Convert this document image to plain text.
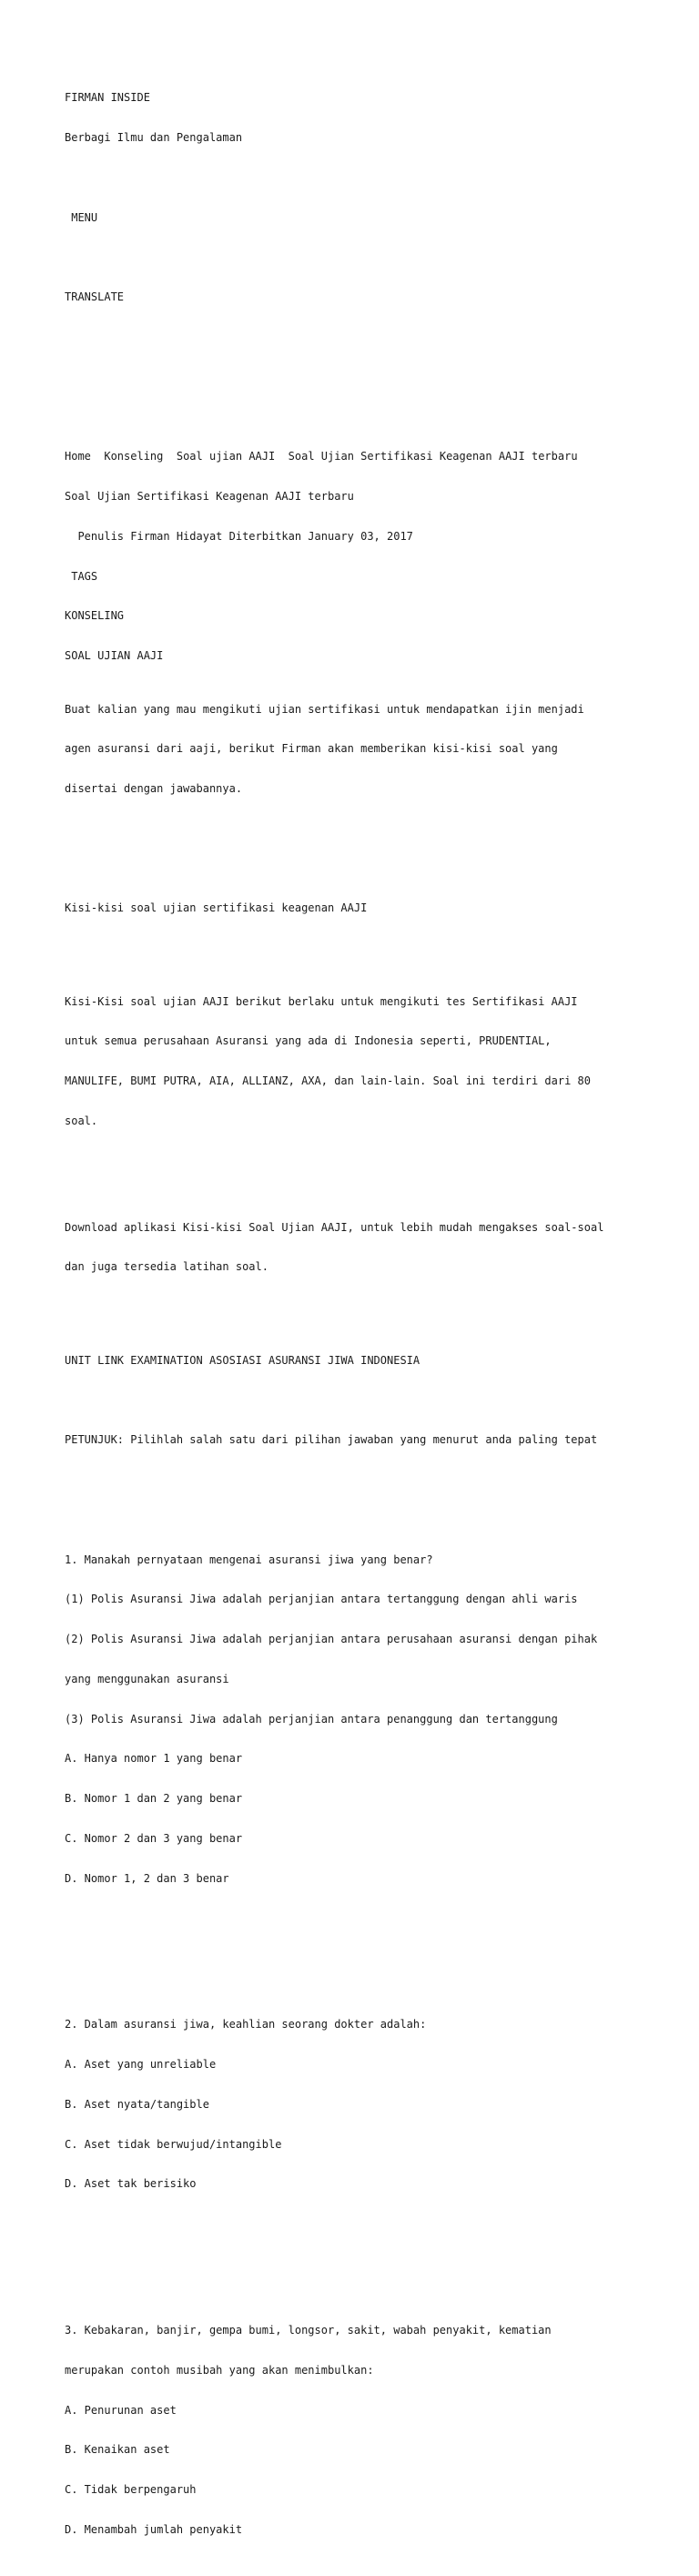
FIRMAN INSIDE

Berbagi Ilmu dan Pengalaman

MENU

TRANSLATE

Home Konseling Soal ujian AAJI Soal Ujian Sertifikasi Keagenan AAJI terbaru

Soal Ujian Sertifikasi Keagenan AAJI terbaru

Penulis Firman Hidayat Diterbitkan January 03, 2017

TAGS

KONSELING

SOAL UJIAN AAJI

Buat kalian yang mau mengikuti ujian sertifikasi untuk mendapatkan ijin menjadi

agen asuransi dari aaji, berikut Firman akan memberikan kisi-kisi soal yang

disertai dengan jawabannya.

Kisi-kisi soal ujian sertifikasi keagenan AAJI

Kisi-Kisi soal ujian AAJI berikut berlaku untuk mengikuti tes Sertifikasi AAJI

untuk semua perusahaan Asuransi yang ada di Indonesia seperti, PRUDENTIAL,

MANULIFE, BUMI PUTRA, AIA, ALLIANZ, AXA, dan lain-lain. Soal ini terdiri dari 80

soal.

Download aplikasi Kisi-kisi Soal Ujian AAJI, untuk lebih mudah mengakses soal-soal

dan juga tersedia latihan soal.

UNIT LINK EXAMINATION ASOSIASI ASURANSI JIWA INDONESIA

PETUNJUK: Pilihlah salah satu dari pilihan jawaban yang menurut anda paling tepat

1. Manakah pernyataan mengenai asuransi jiwa yang benar?

(1) Polis Asuransi Jiwa adalah perjanjian antara tertanggung dengan ahli waris

(2) Polis Asuransi Jiwa adalah perjanjian antara perusahaan asuransi dengan pihak

yang menggunakan asuransi

(3) Polis Asuransi Jiwa adalah perjanjian antara penanggung dan tertanggung

A. Hanya nomor 1 yang benar

B. Nomor 1 dan 2 yang benar

C. Nomor 2 dan 3 yang benar

D. Nomor 1, 2 dan 3 benar

2. Dalam asuransi jiwa, keahlian seorang dokter adalah:

A. Aset yang unreliable

B. Aset nyata/tangible

C. Aset tidak berwujud/intangible

D. Aset tak berisiko

3. Kebakaran, banjir, gempa bumi, longsor, sakit, wabah penyakit, kematian

merupakan contoh musibah yang akan menimbulkan:

A. Penurunan aset

B. Kenaikan aset

C. Tidak berpengaruh

D. Menambah jumlah penyakit
